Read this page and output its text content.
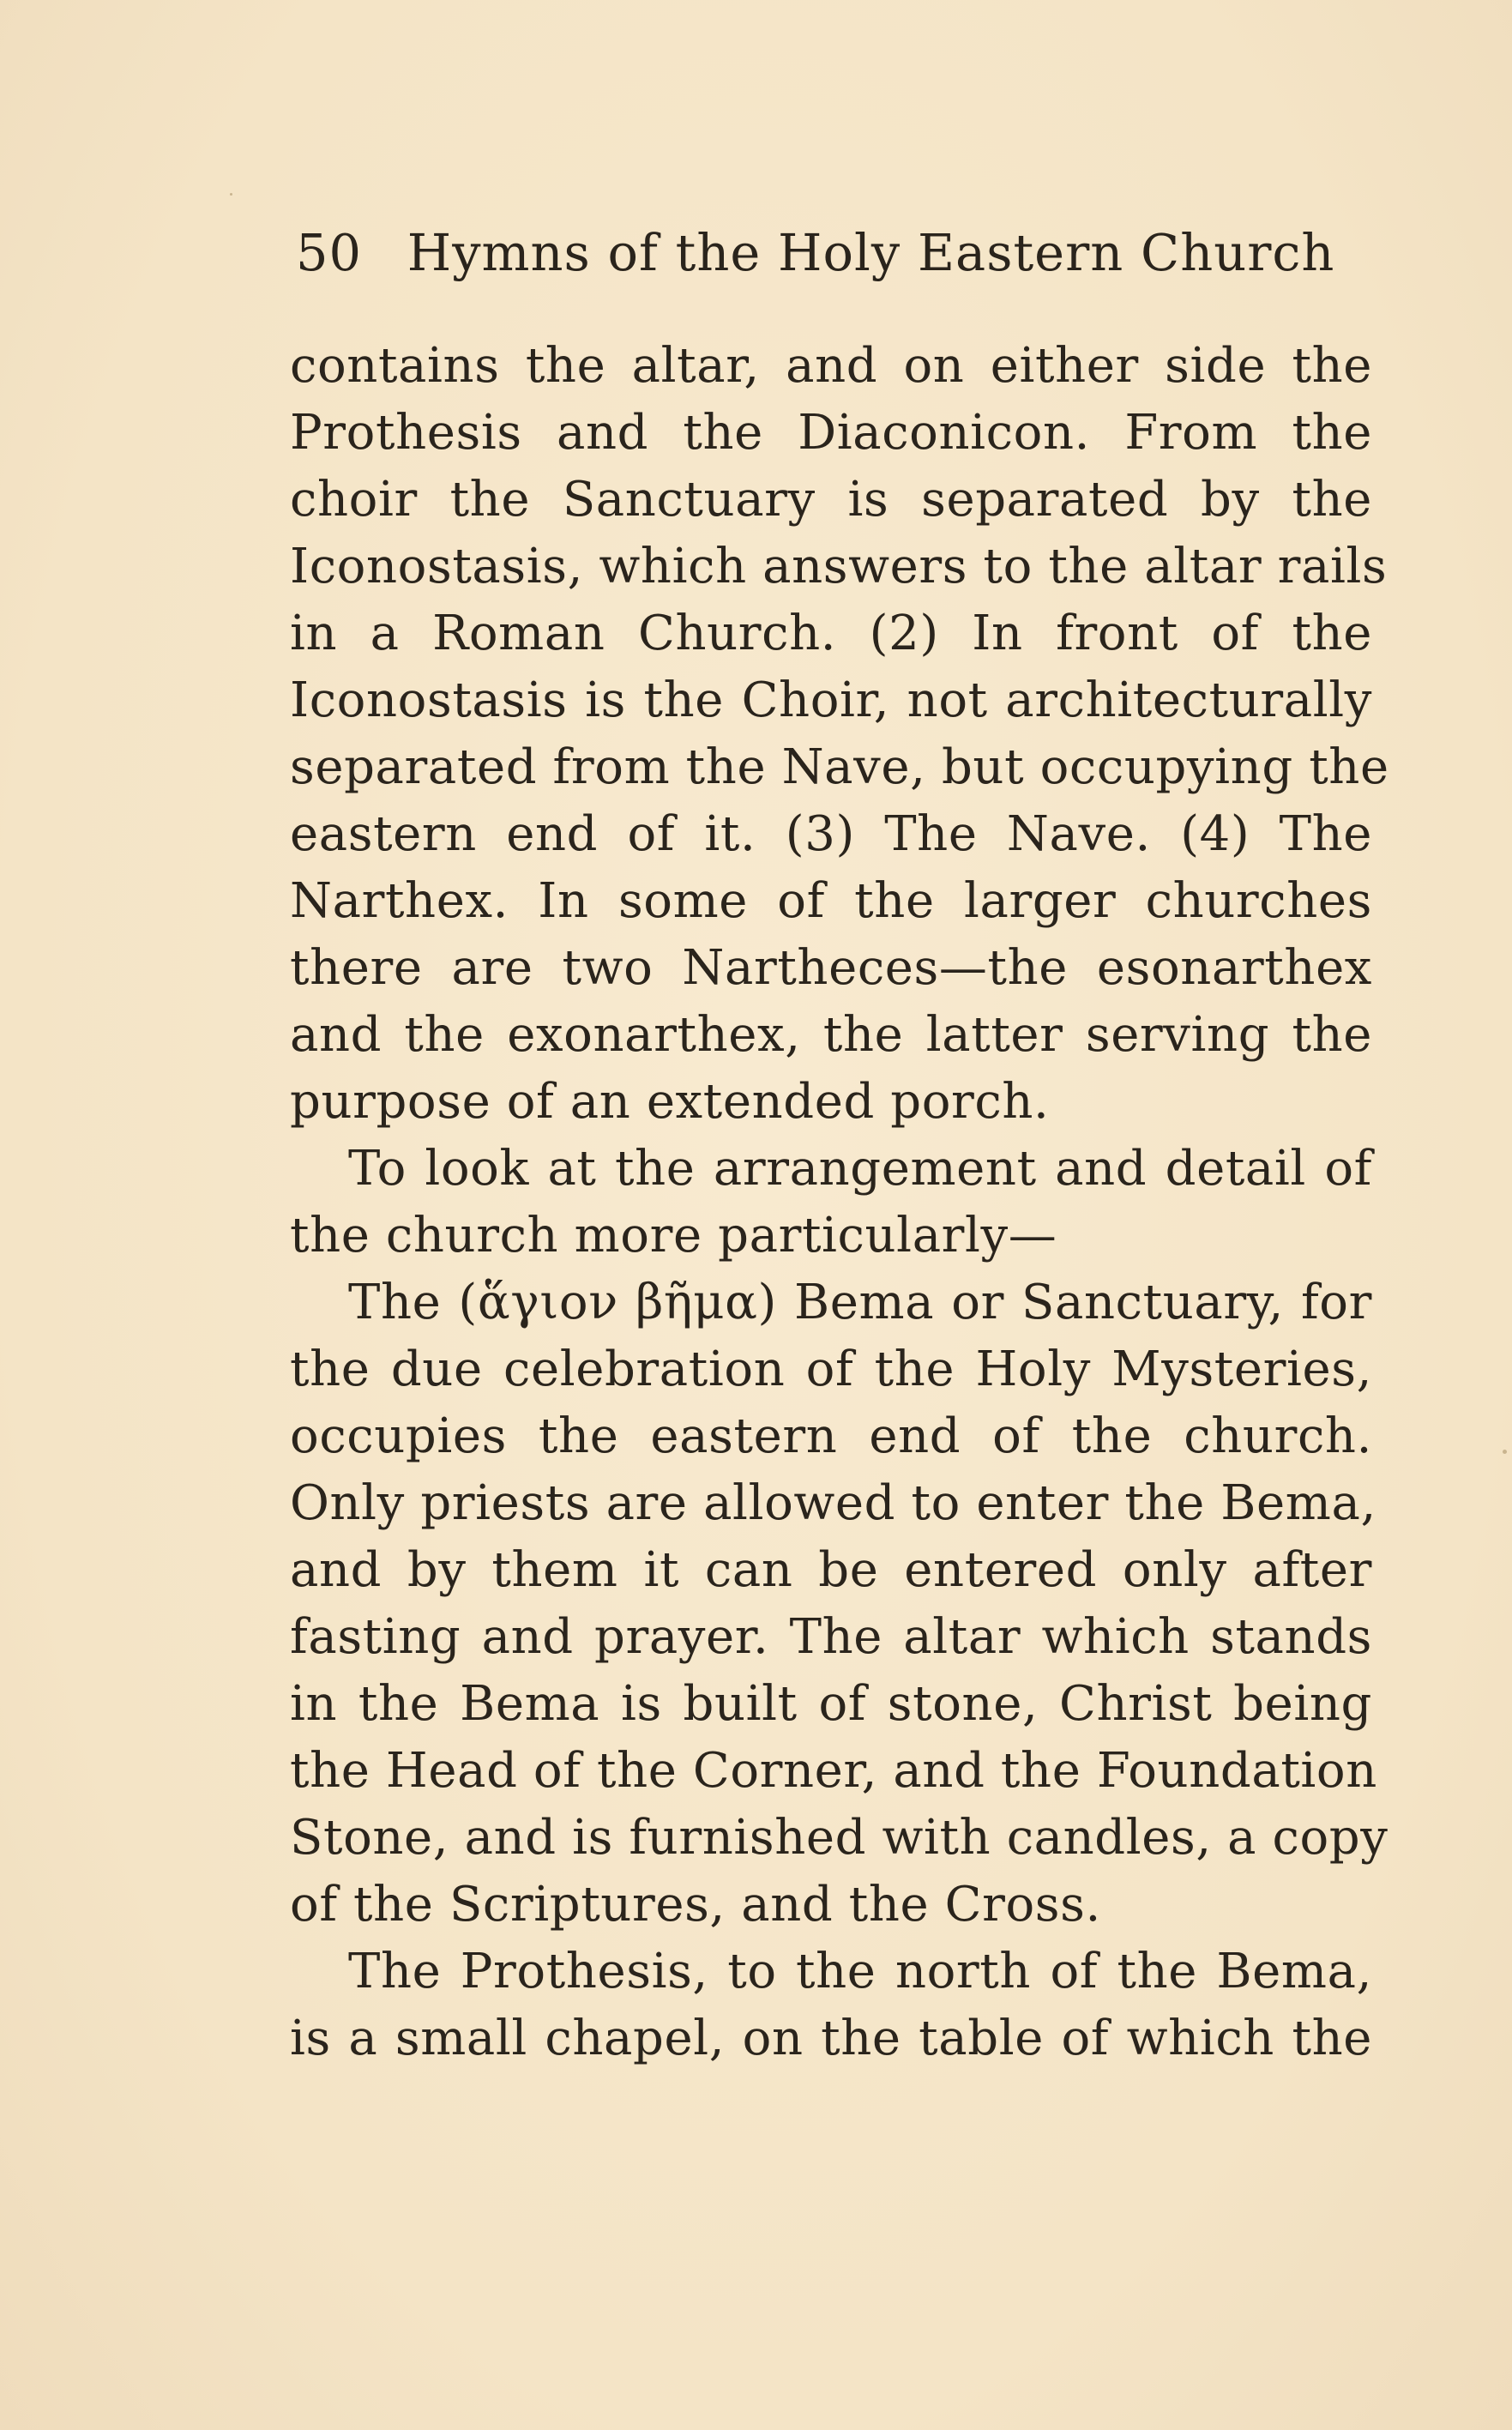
50 Hymns of the Holy Eastern Church
contains the altar, and on either side the
Prothesis and the Diaconicon. From the
choir the Sanctuary is separated by the
Iconostasis, which answers to the altar rails
in a Roman Church. (2) In front of the
Iconostasis is the Choir, not architecturally
separated from the Nave, but occupying the
eastern end of it. (3) The Nave. (4) The
Narthex. In some of the larger churches
there are two Nartheces—the esonarthex
and the exonarthex, the latter serving the
purpose of an extended porch.
To look at the arrangement and detail of
the church more particularly—
The (ἅγιον βῆμα) Bema or Sanctuary, for
the due celebration of the Holy Mysteries,
occupies the eastern end of the church.
Only priests are allowed to enter the Bema,
and by them it can be entered only after
fasting and prayer. The altar which stands
in the Bema is built of stone, Christ being
the Head of the Corner, and the Foundation
Stone, and is furnished with candles, a copy
of the Scriptures, and the Cross.
The Prothesis, to the north of the Bema,
is a small chapel, on the table of which the
